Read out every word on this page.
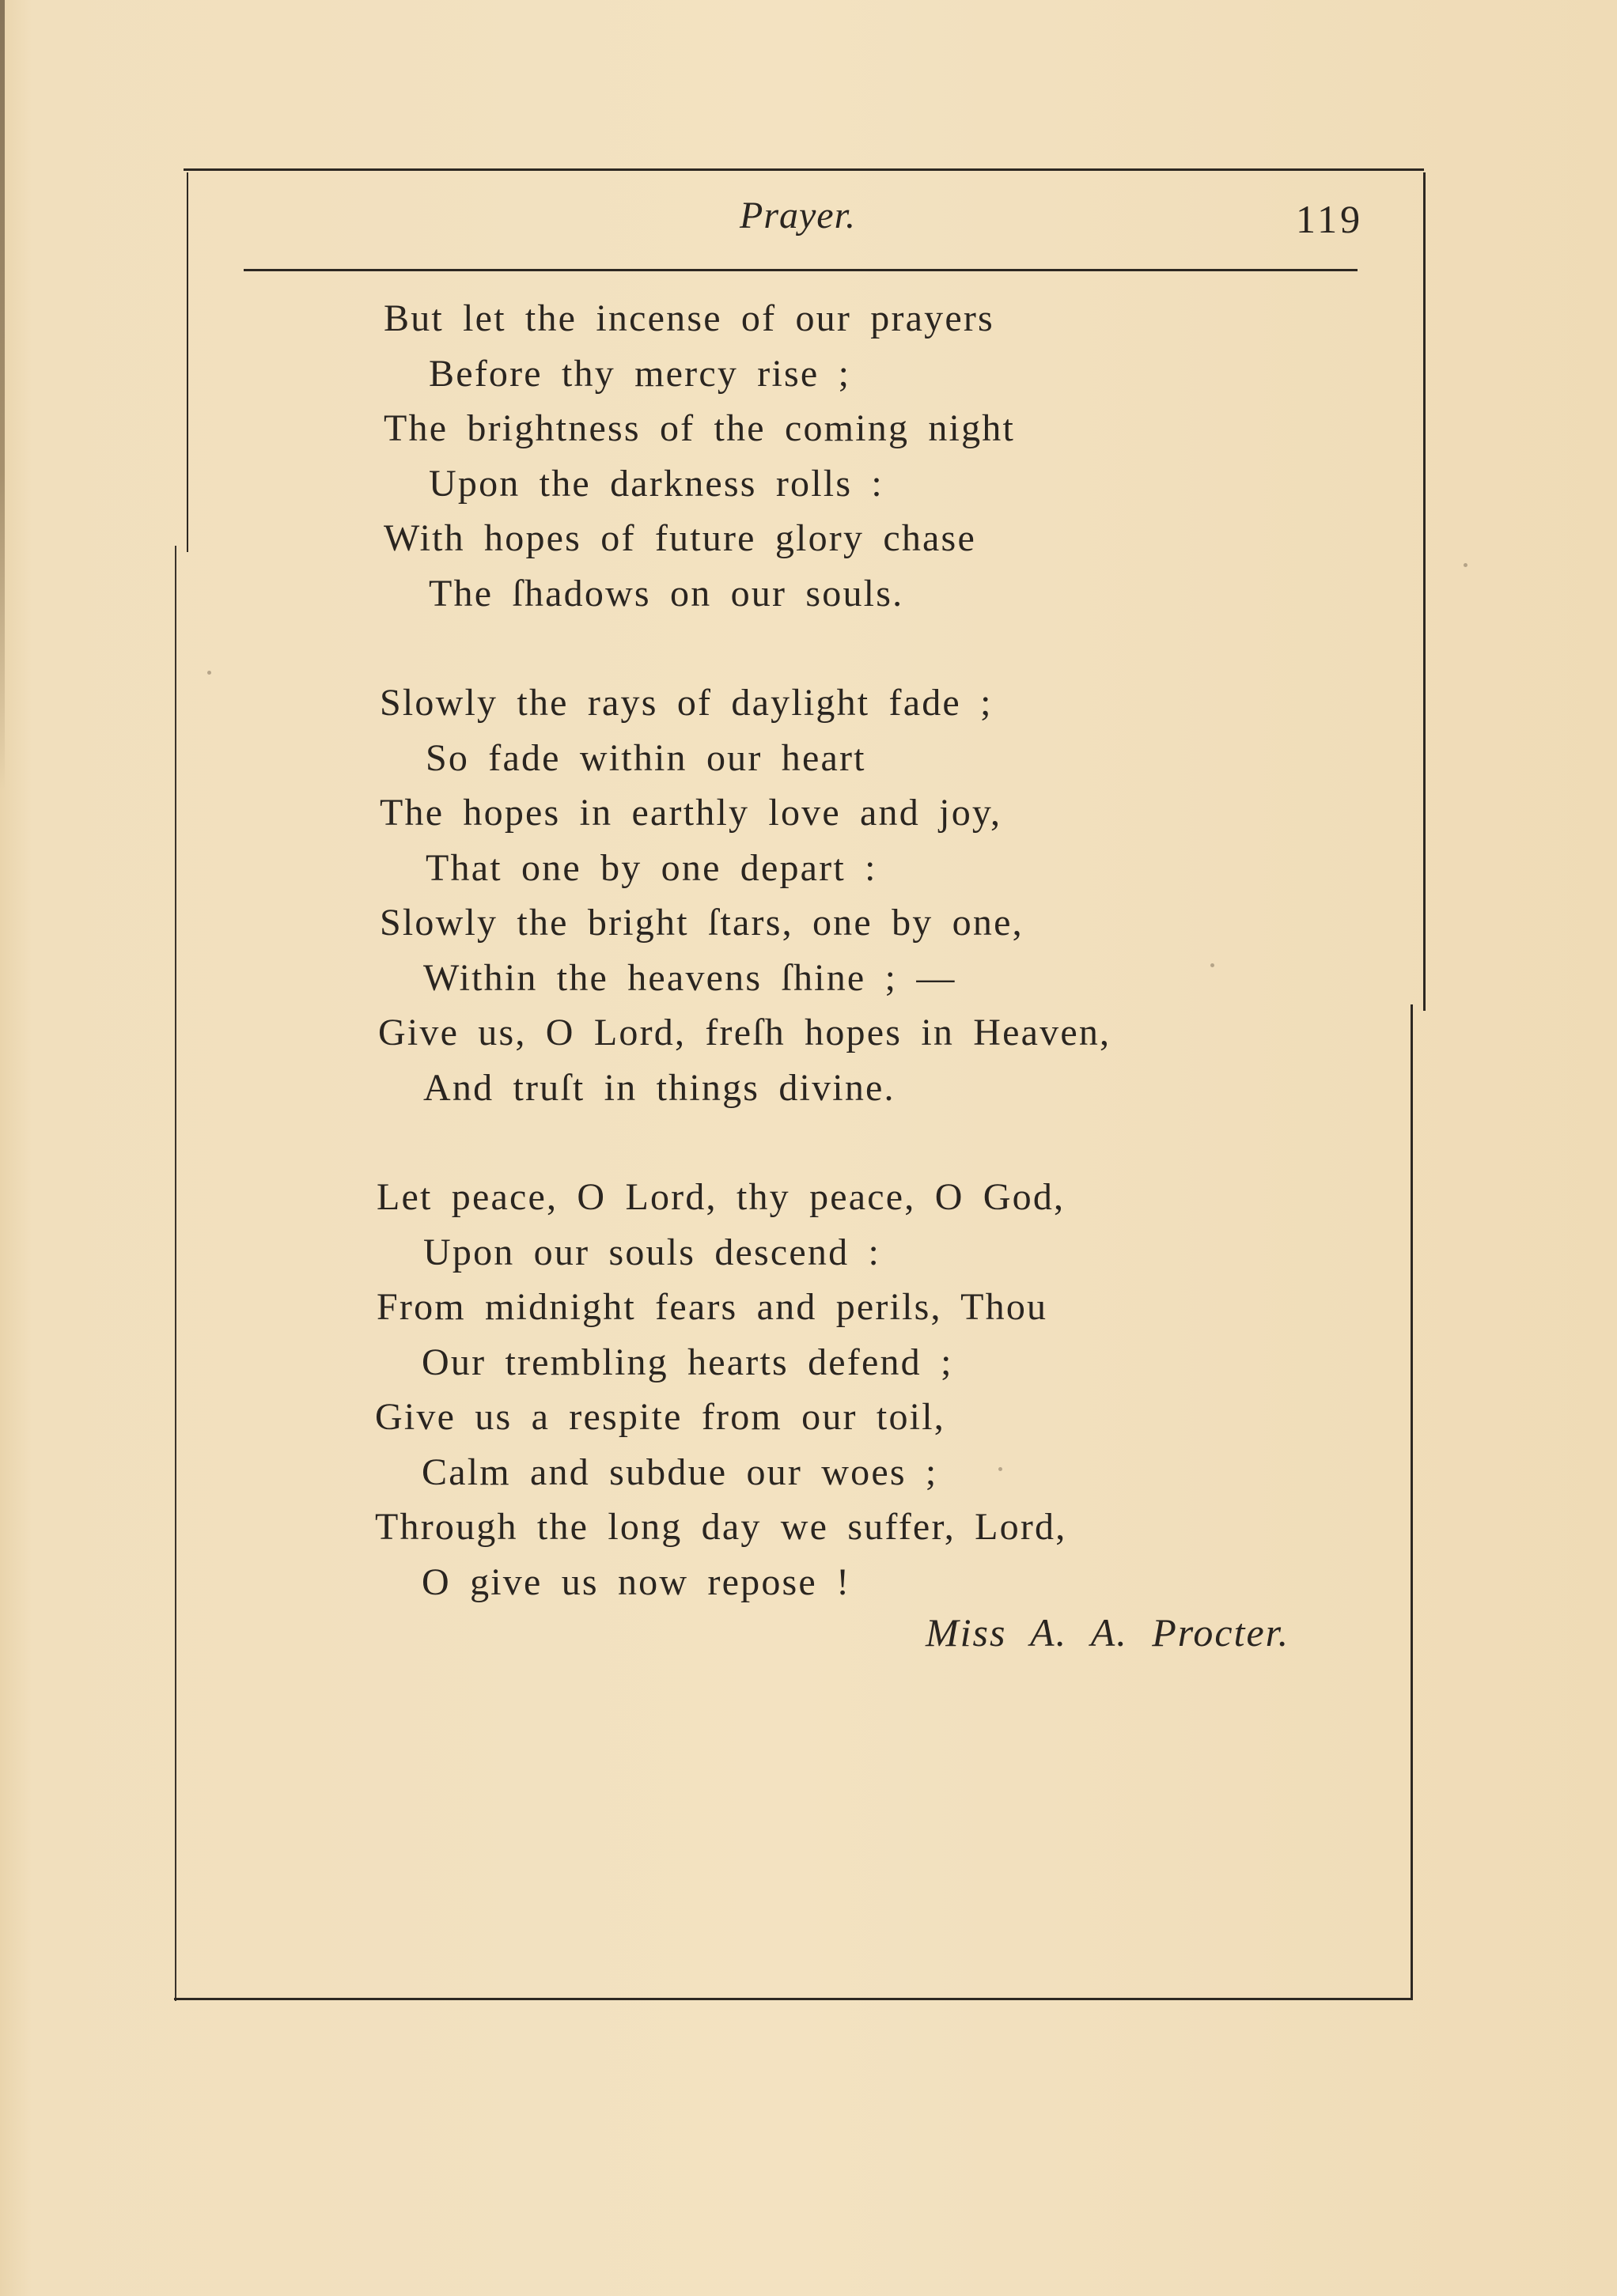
Prayer.	119
But let the incense of our prayers
Before thy mercy rise ;
The brightness of the coming night
Upon the darkness rolls :
With hopes of future glory chase
The ſhadows on our souls.
Slowly the rays of daylight fade ;
So fade within our heart
The hopes in earthly love and joy,
That one by one depart :
Slowly the bright ſtars, one by one,
Within the heavens ſhine ; —
Give us, O Lord, freſh hopes in Heaven,
And truſt in things divine.
Let peace, O Lord, thy peace, O God,
Upon our souls descend :
From midnight fears and perils, Thou
Our trembling hearts defend ;
Give us a respite from our toil,
Calm and subdue our woes ;
Through the long day we suffer, Lord,
O give us now repose !
Miss A. A. Procter.
